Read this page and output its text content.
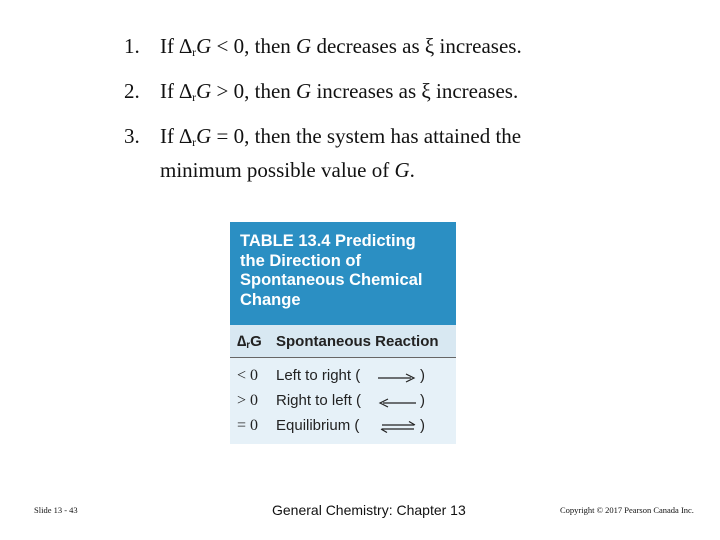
1. If $\Delta_rG < 0$, then G decreases as ξ increases.
2. If $\Delta_rG > 0$, then G increases as ξ increases.
3. If $\Delta_rG = 0$, then the system has attained the
minimum possible value of G.
TABLE 13.4 Predicting
the Direction of
Spontaneous Chemical
Change
$\Delta_rG$ Spontaneous Reaction
< 0 Left to right (	)
> 0 Right to left (	)
= 0 Equilibrium ( ⇌ )
Slide 13 - 43	General Chemistry: Chapter 13	Copyright © 2017 Pearson Canada Inc.
